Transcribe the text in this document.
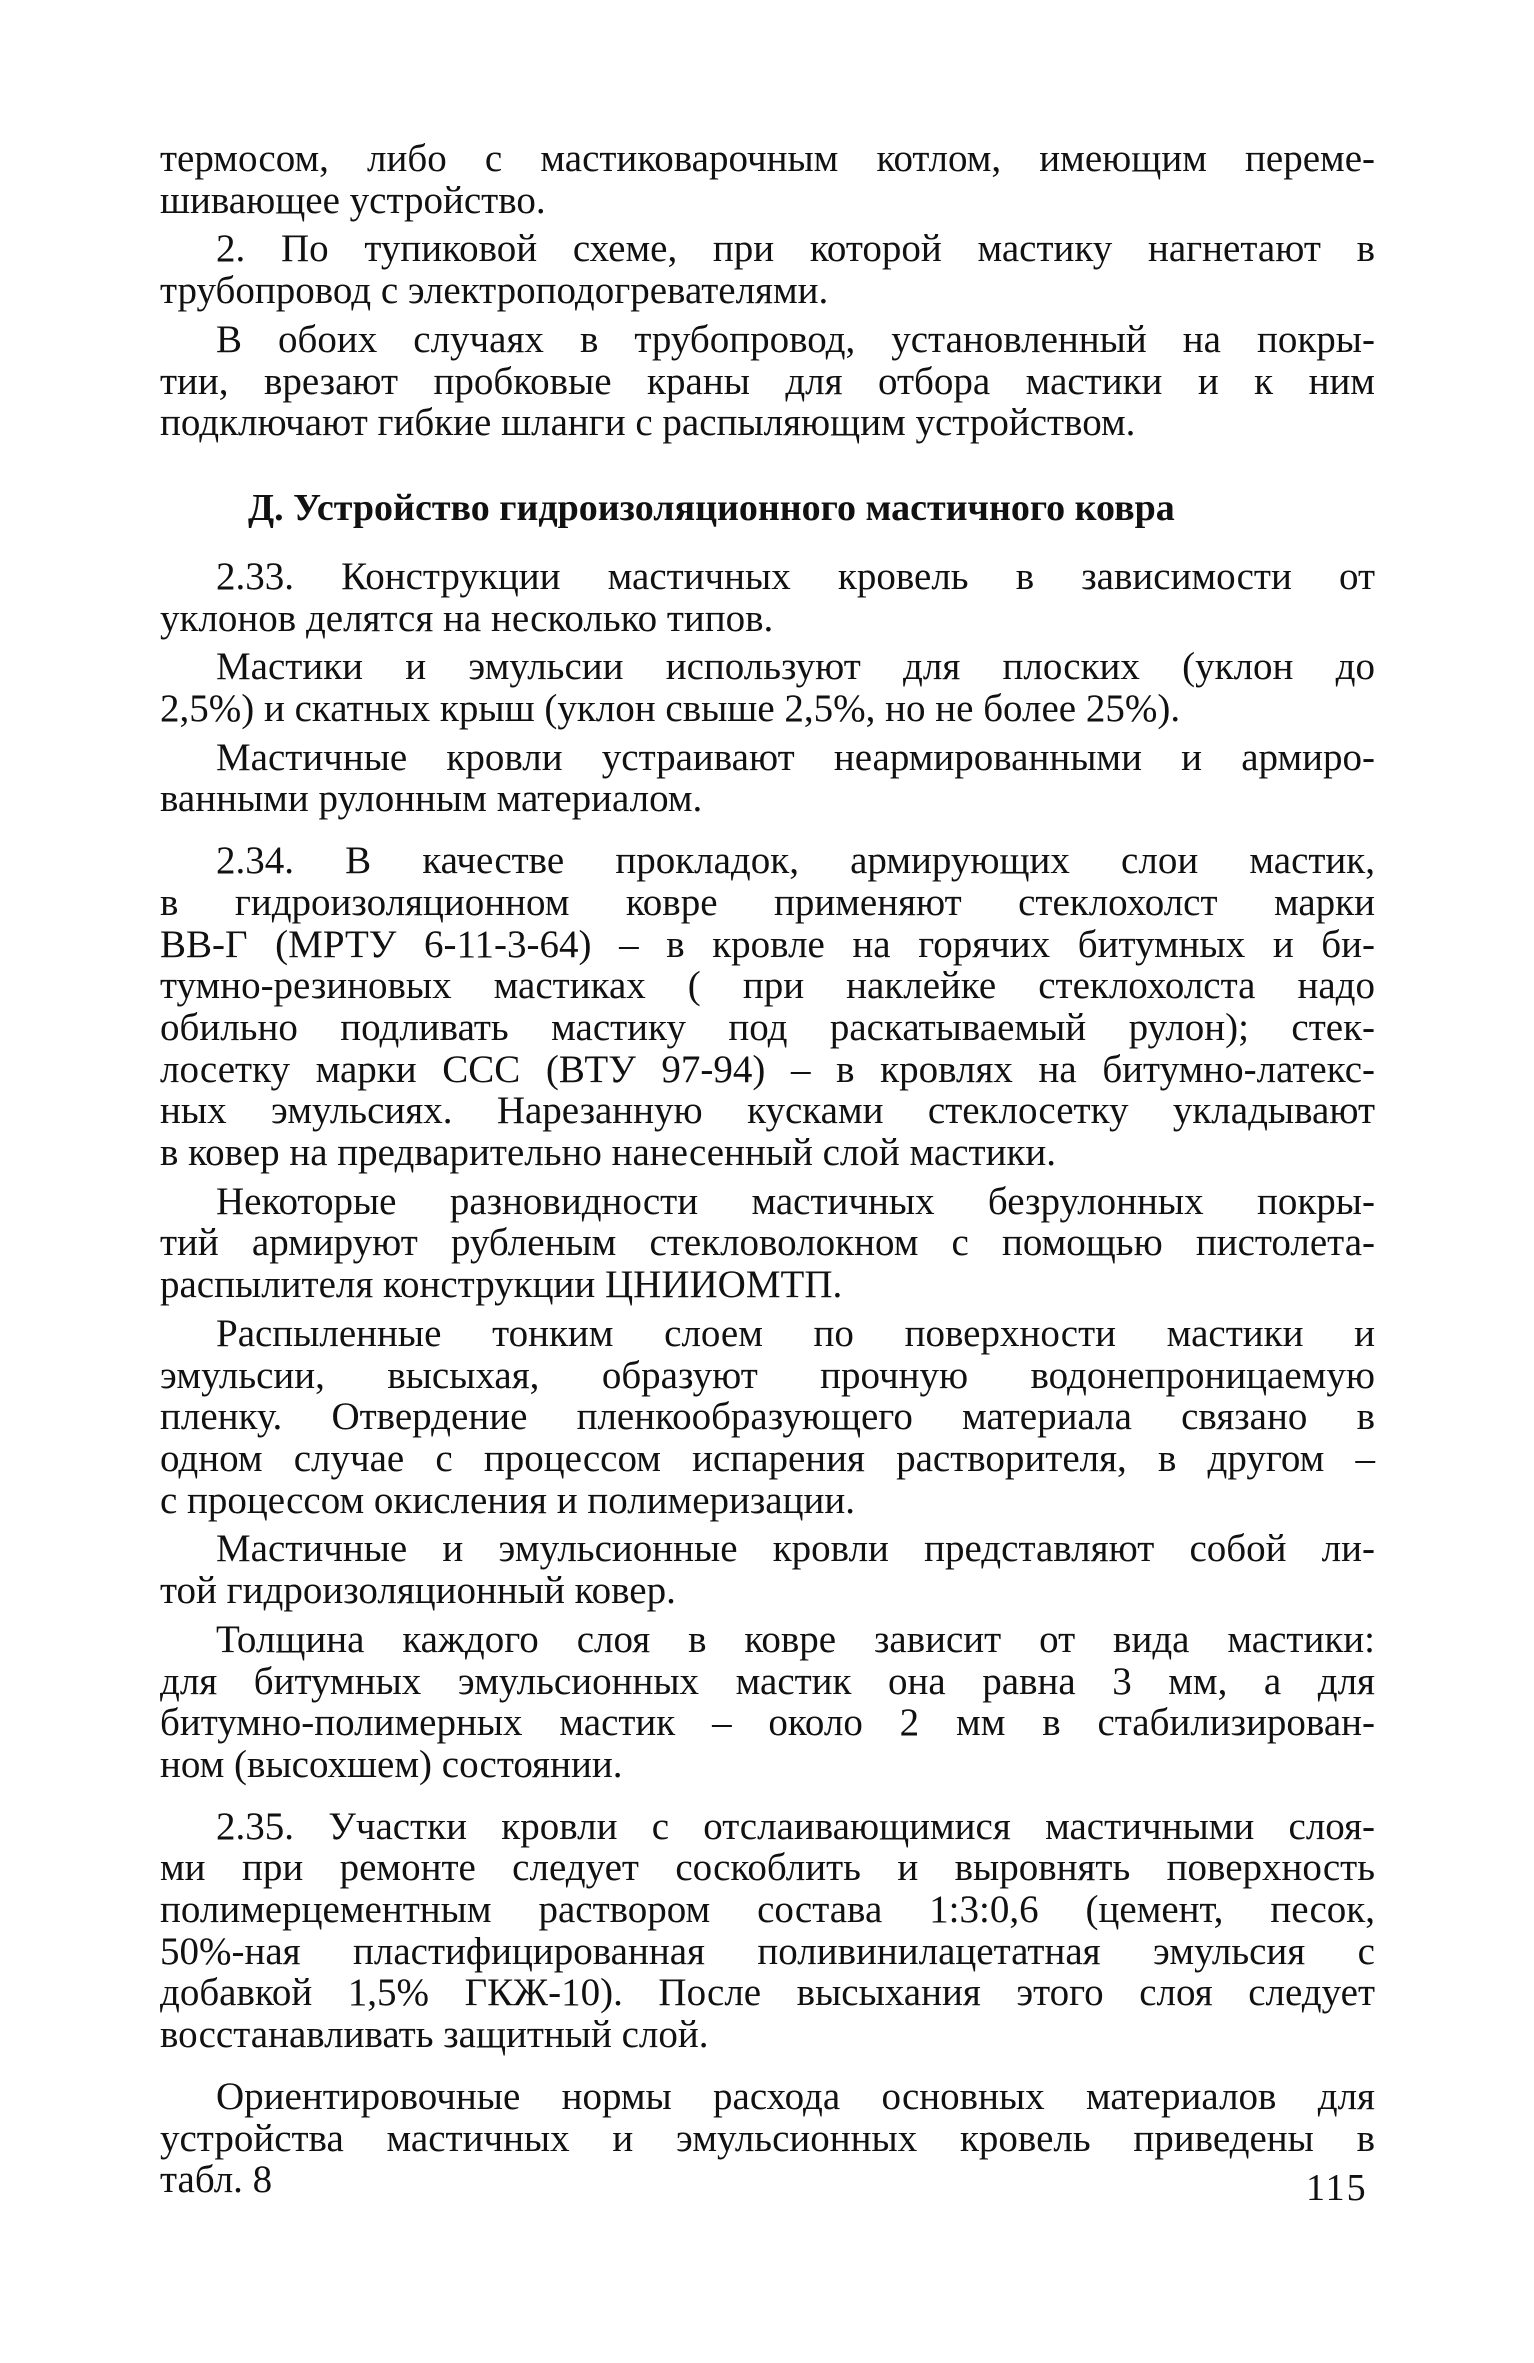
термосом, либо с мастиковарочным котлом, имеющим переме-
шивающее устройство.
2. По тупиковой схеме, при которой мастику нагнетают в
трубопровод с электроподогревателями.
В обоих случаях в трубопровод, установленный на покры-
тии, врезают пробковые краны для отбора мастики и к ним
подключают гибкие шланги с распыляющим устройством.
Д. Устройство гидроизоляционного мастичного ковра
2.33. Конструкции мастичных кровель в зависимости от
уклонов делятся на несколько типов.
Мастики и эмульсии используют для плоских (уклон до
2,5%) и скатных крыш (уклон свыше 2,5%, но не более 25%).
Мастичные кровли устраивают неармированными и армиро-
ванными рулонным материалом.
2.34. В качестве прокладок, армирующих слои мастик,
в гидроизоляционном ковре применяют стеклохолст марки
ВВ-Г (МРТУ 6-11-3-64) – в кровле на горячих битумных и би-
тумно-резиновых мастиках ( при наклейке стеклохолста надо
обильно подливать мастику под раскатываемый рулон); стек-
лосетку марки ССС (ВТУ 97-94) – в кровлях на битумно-латекс-
ных эмульсиях. Нарезанную кусками стеклосетку укладывают
в ковер на предварительно нанесенный слой мастики.
Некоторые разновидности мастичных безрулонных покры-
тий армируют рубленым стекловолокном с помощью пистолета-
распылителя конструкции ЦНИИОМТП.
Распыленные тонким слоем по поверхности мастики и
эмульсии, высыхая, образуют прочную водонепроницаемую
пленку. Отвердение пленкообразующего материала связано в
одном случае с процессом испарения растворителя, в другом –
с процессом окисления и полимеризации.
Мастичные и эмульсионные кровли представляют собой ли-
той гидроизоляционный ковер.
Толщина каждого слоя в ковре зависит от вида мастики:
для битумных эмульсионных мастик она равна 3 мм, а для
битумно-полимерных мастик – около 2 мм в стабилизирован-
ном (высохшем) состоянии.
2.35. Участки кровли с отслаивающимися мастичными слоя-
ми при ремонте следует соскоблить и выровнять поверхность
полимерцементным раствором состава 1:3:0,6 (цемент, песок,
50%-ная пластифицированная поливинилацетатная эмульсия с
добавкой 1,5% ГКЖ-10). После высыхания этого слоя следует
восстанавливать защитный слой.
Ориентировочные нормы расхода основных материалов для
устройства мастичных и эмульсионных кровель приведены в
табл. 8	115
